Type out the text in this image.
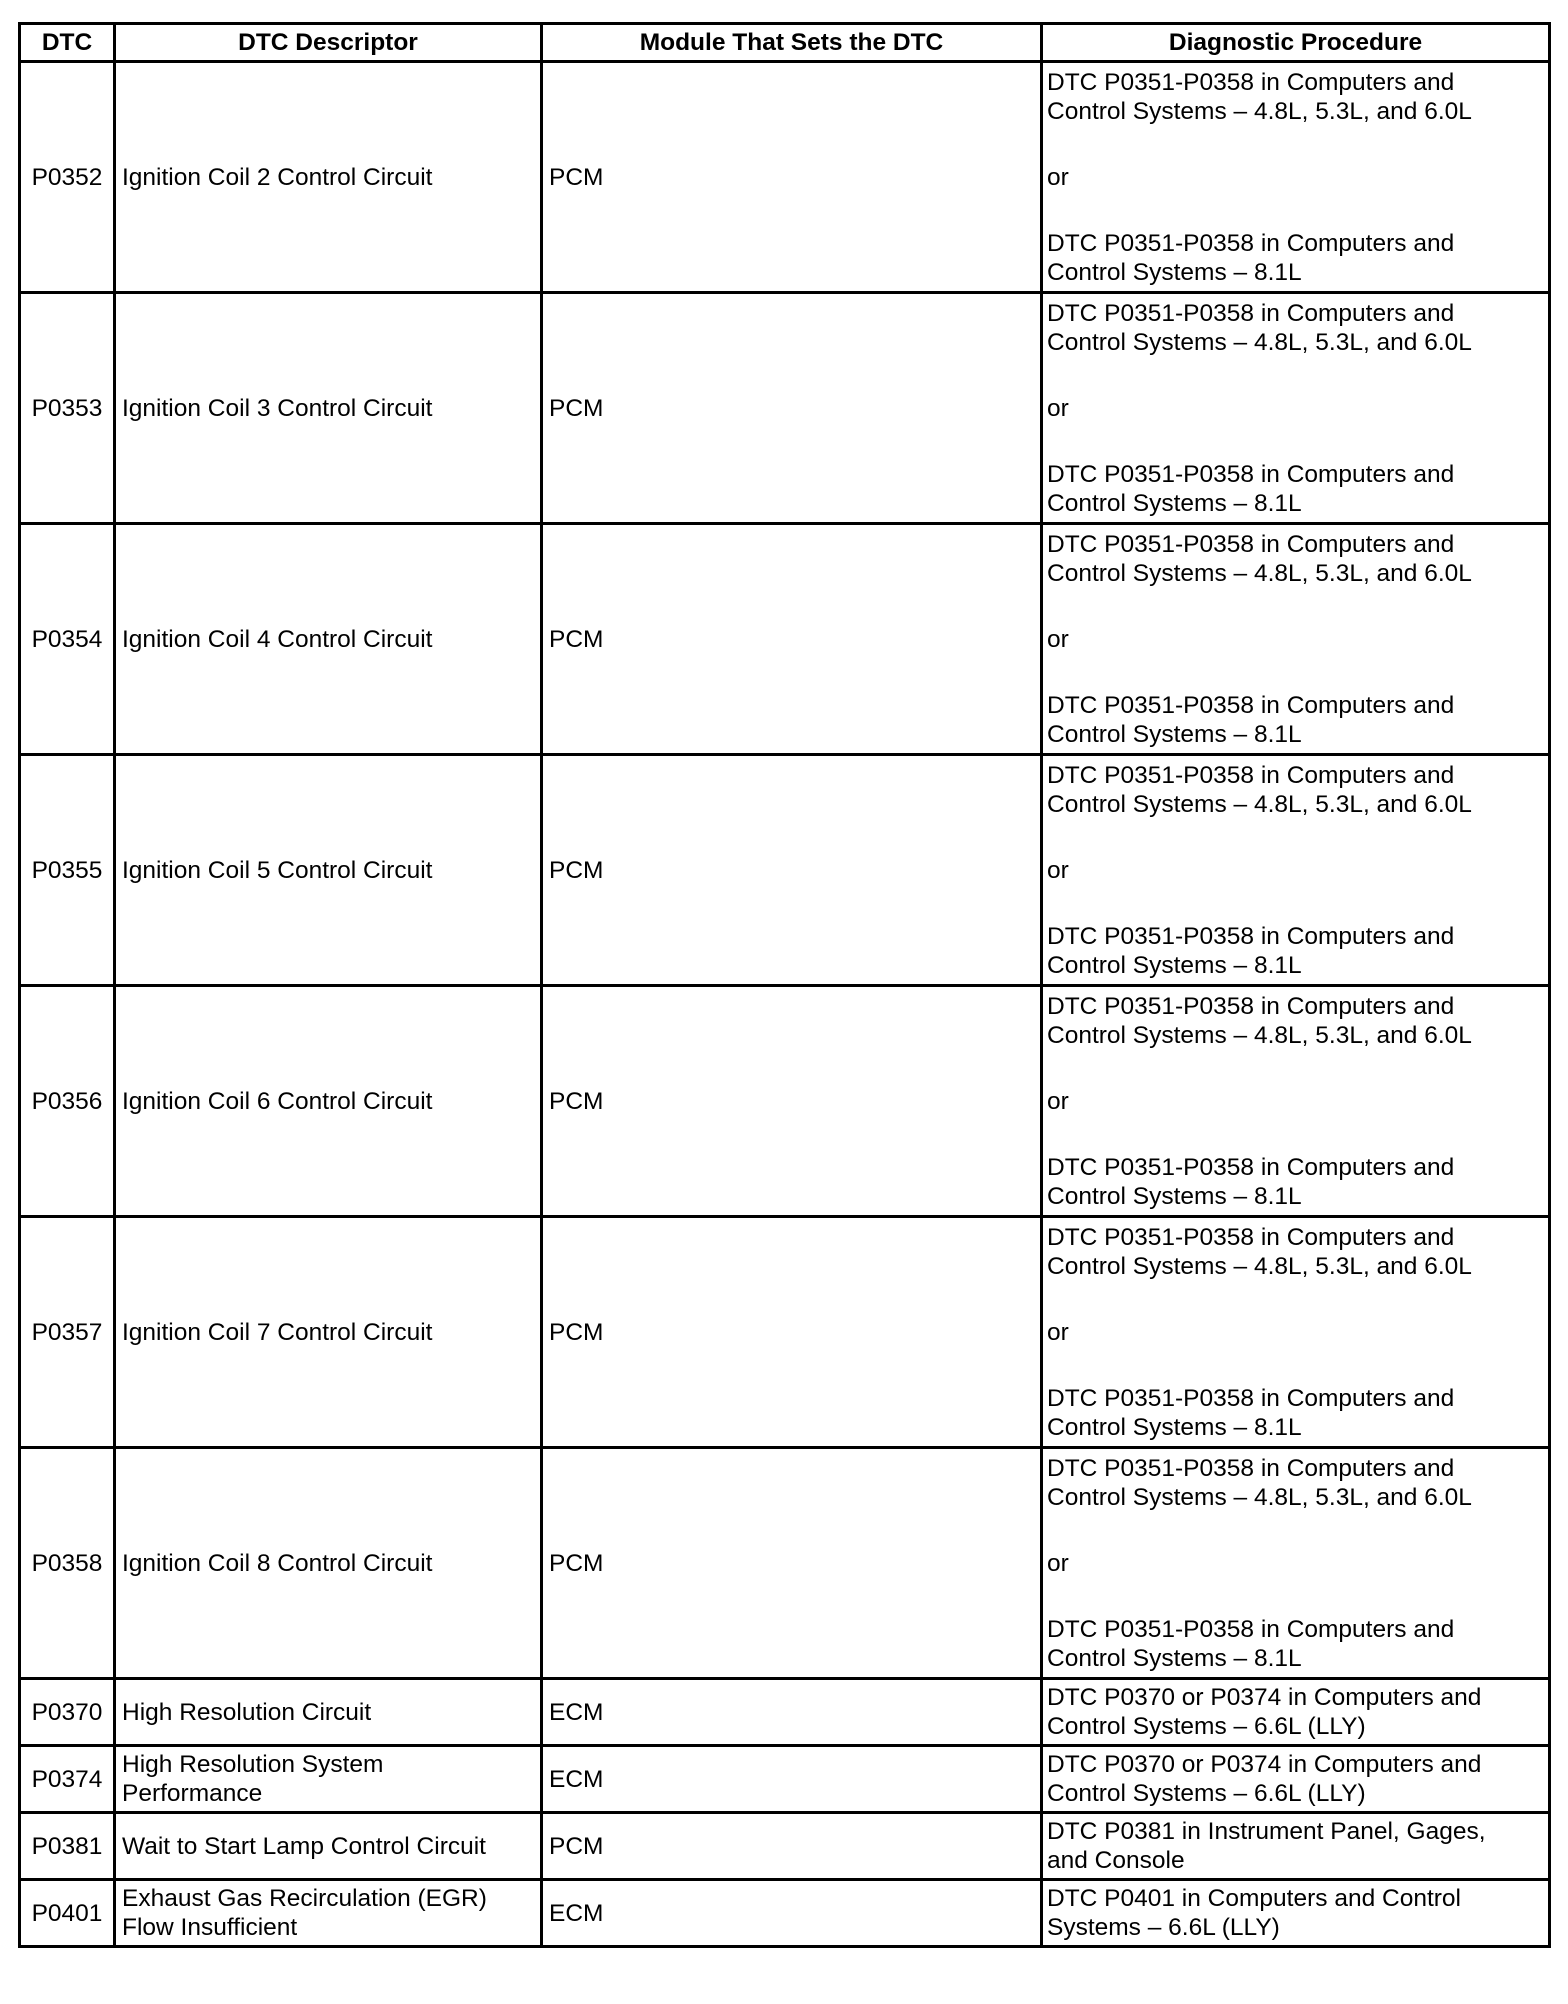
DTC	DTC Descriptor	Module That Sets the DTC	Diagnostic Procedure
P0352	Ignition Coil 2 Control Circuit	PCM	DTC P0351-P0358 in Computers and
Control Systems – 4.8L, 5.3L, and 6.0L
or
DTC P0351-P0358 in Computers and
Control Systems – 8.1L

P0353	Ignition Coil 3 Control Circuit	PCM	DTC P0351-P0358 in Computers and
Control Systems – 4.8L, 5.3L, and 6.0L
or
DTC P0351-P0358 in Computers and
Control Systems – 8.1L

P0354	Ignition Coil 4 Control Circuit	PCM	DTC P0351-P0358 in Computers and
Control Systems – 4.8L, 5.3L, and 6.0L
or
DTC P0351-P0358 in Computers and
Control Systems – 8.1L

P0355	Ignition Coil 5 Control Circuit	PCM	DTC P0351-P0358 in Computers and
Control Systems – 4.8L, 5.3L, and 6.0L
or
DTC P0351-P0358 in Computers and
Control Systems – 8.1L

P0356	Ignition Coil 6 Control Circuit	PCM	DTC P0351-P0358 in Computers and
Control Systems – 4.8L, 5.3L, and 6.0L
or
DTC P0351-P0358 in Computers and
Control Systems – 8.1L

P0357	Ignition Coil 7 Control Circuit	PCM	DTC P0351-P0358 in Computers and
Control Systems – 4.8L, 5.3L, and 6.0L
or
DTC P0351-P0358 in Computers and
Control Systems – 8.1L

P0358	Ignition Coil 8 Control Circuit	PCM	DTC P0351-P0358 in Computers and
Control Systems – 4.8L, 5.3L, and 6.0L
or
DTC P0351-P0358 in Computers and
Control Systems – 8.1L

P0370	High Resolution Circuit	ECM	DTC P0370 or P0374 in Computers and
Control Systems – 6.6L (LLY)

P0374	High Resolution System
Performance	ECM	DTC P0370 or P0374 in Computers and
Control Systems – 6.6L (LLY)

P0381	Wait to Start Lamp Control Circuit	PCM	DTC P0381 in Instrument Panel, Gages,
and Console

P0401	Exhaust Gas Recirculation (EGR)
Flow Insufficient	ECM	DTC P0401 in Computers and Control
Systems – 6.6L (LLY)
